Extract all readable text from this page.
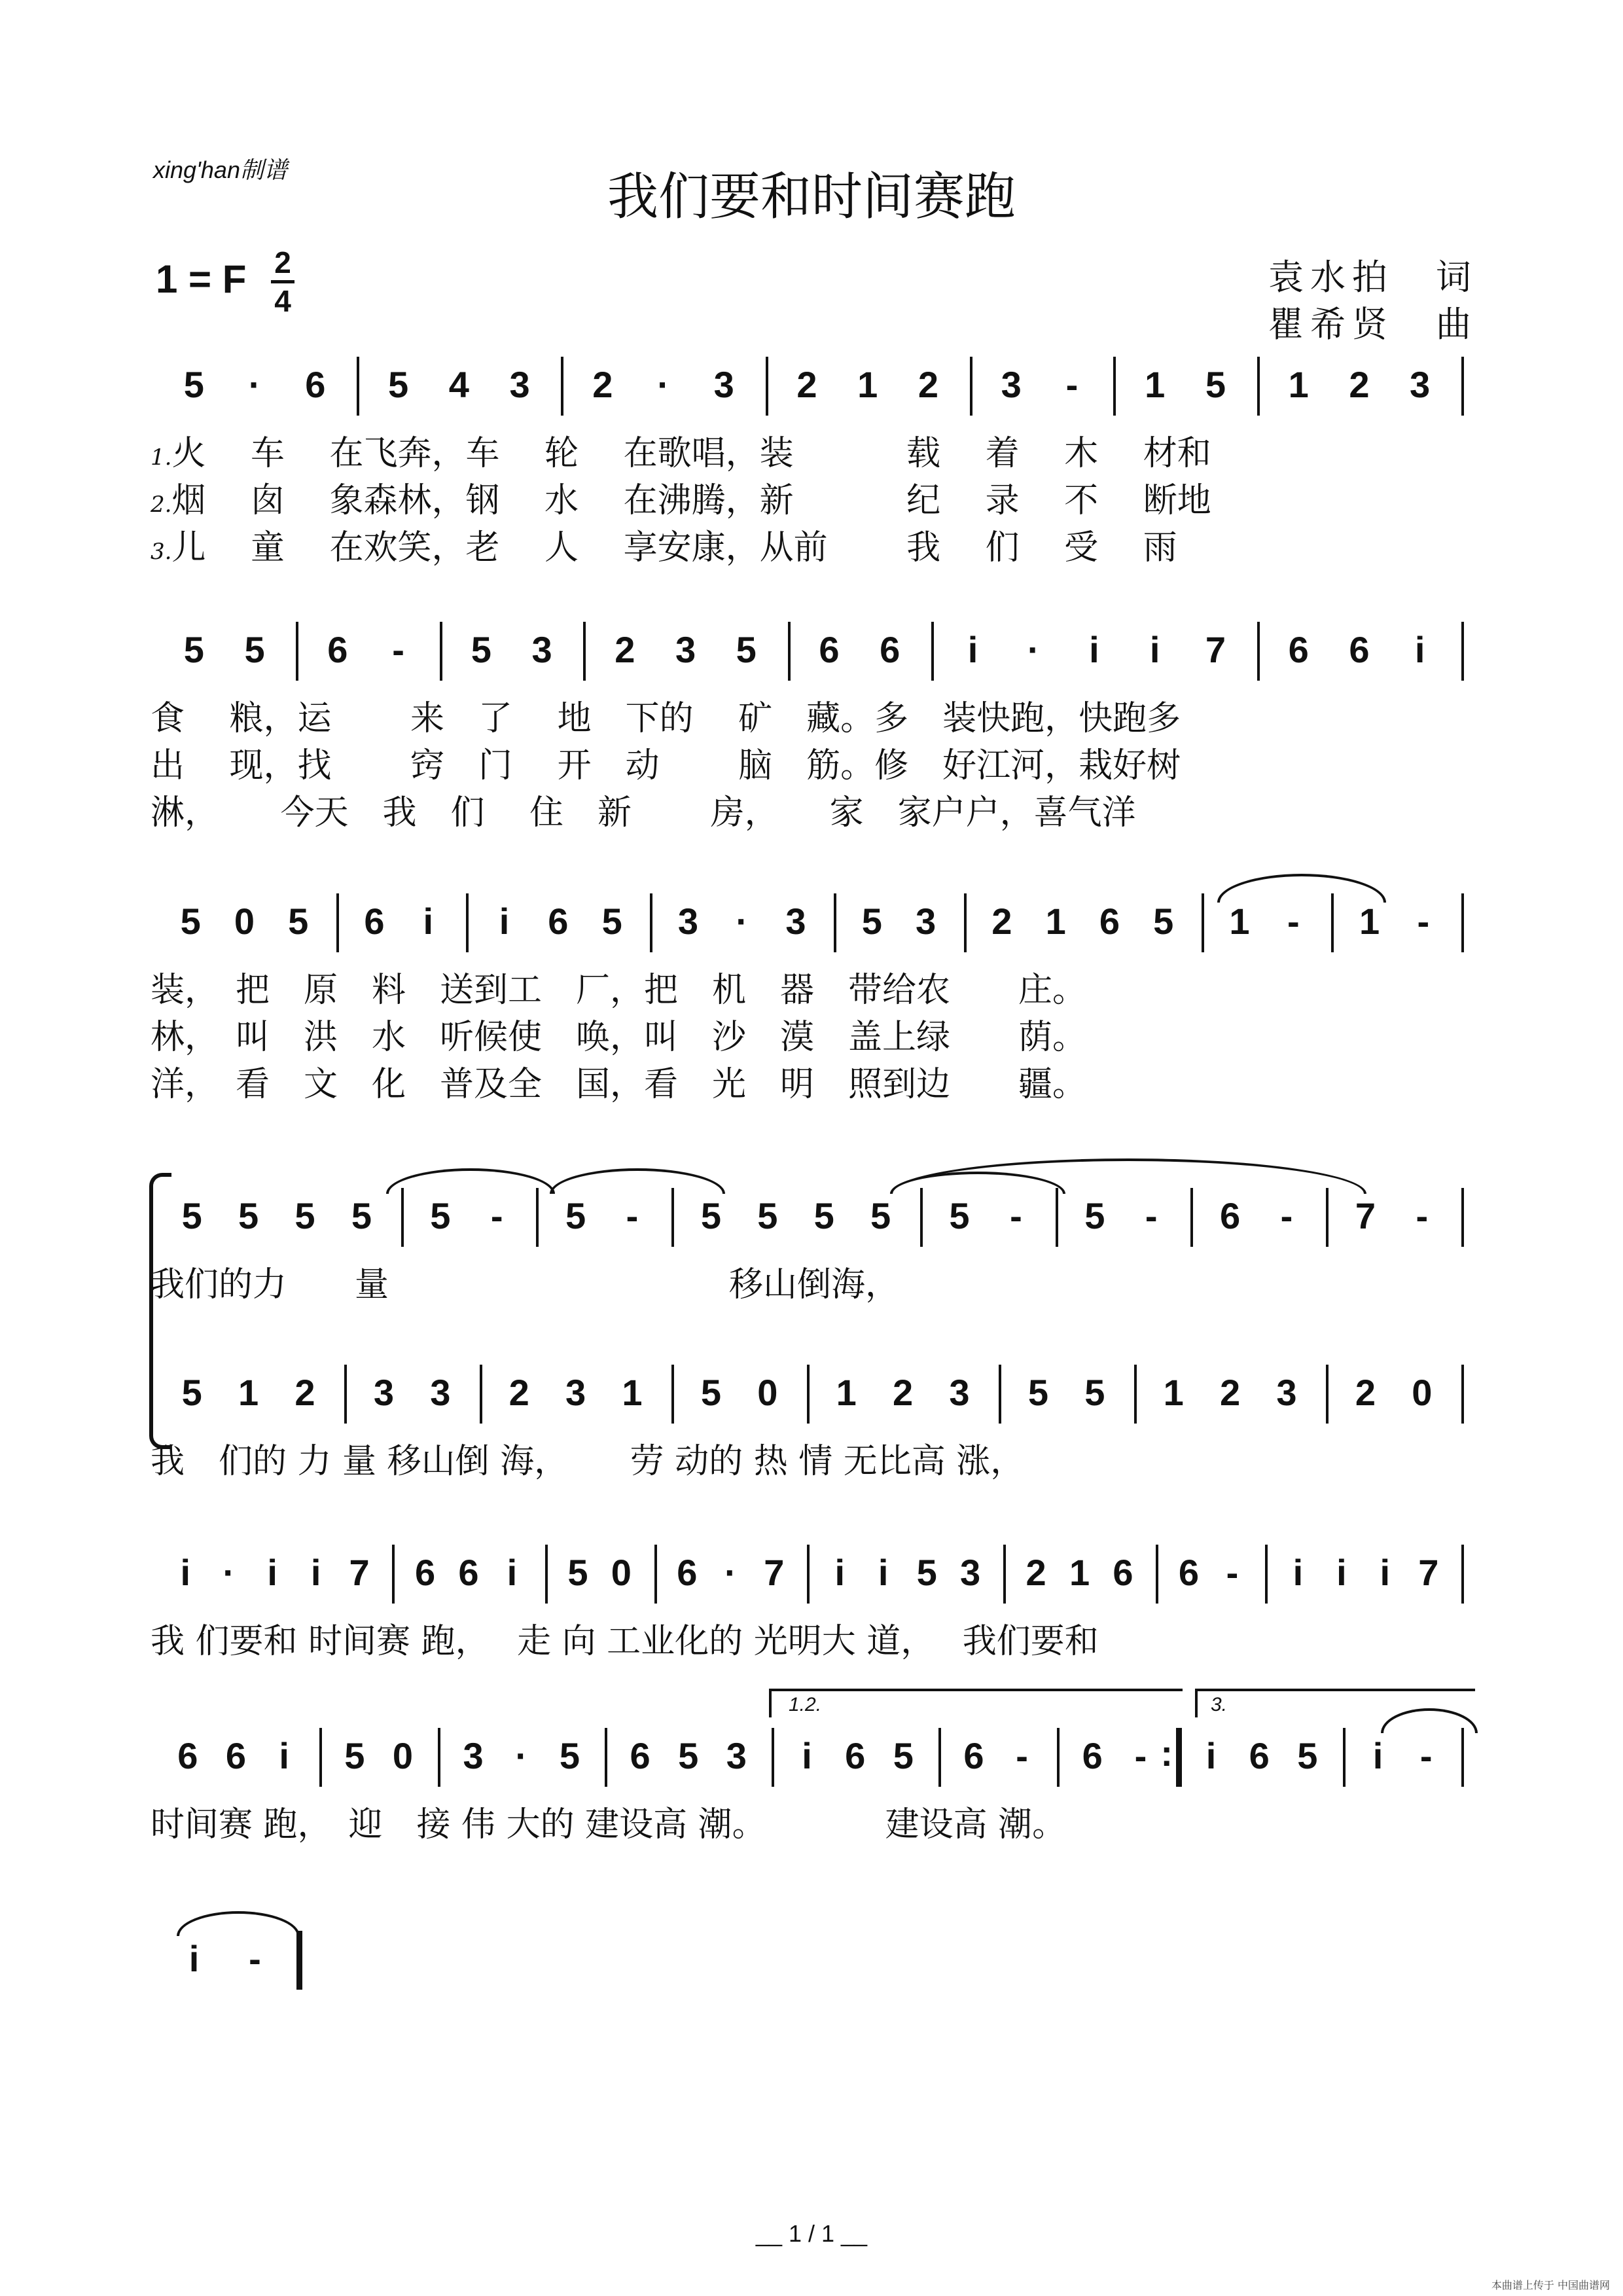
xing'han制谱	我们要和时间赛跑
1 = F 2
4
袁水拍　词
瞿希贤　曲
5 · 6 5 4 3 2 · 3 2 1 2 3 - 1 5 1 2 3
1.火　 车　 在飞奔，车　 轮　 在歌唱，装　　　 载 　着 　木 　材和
2.烟　 囱　 象森林，钢　 水　 在沸腾，新　　　 纪 　录 　不 　断地
3.儿　 童　 在欢笑，老　 人　 享安康，从前　　 我 　们 　受 　雨
5 5 6 - 5 3 2 3 5 6 6 i · i i 7 6 6 i
食　 粮，运　　 来　了 　地　下的 　矿　藏。多　装快跑，快跑多
出　 现，找　　 窍　门 　开　动　 　脑　筋。修　好江河，栽好树
淋，　　 今天　我　们 　住　新　 　房，　　家　家户户，喜气洋
5 0 5 6 i i 6 5 3 · 3 5 3 2 1 6 5 1 - 1 -
装，　把　原　料　送到工　厂，把　机　器　带给农　　庄。
林，　叫　洪　水　听候使　唤，叫　沙　漠　盖上绿　　荫。
洋，　看　文　化　普及全　国，看　光　明　照到边　　疆。
5 5 5 5 5 - 5 - 5 5 5 5 5 - 5 - 6 - 7 -
我们的力　　量　　　　　　　　　　移山倒海，
5 1 2 3 3 2 3 1 5 0 1 2 3 5 5 1 2 3 2 0
我　们的 力 量 移山倒 海，　　 劳 动的 热 情 无比高 涨，
i · i i 7 6 6 i 5 0 6 · 7 i i 5 3 2 1 6 6 - i i i 7
我 们要和 时间赛 跑，　 走 向 工业化的 光明大 道，　 我们要和
6 6 i 5 0 3 · 5 6 5 3 i 6 5 6 - 6 - : i 6 5 i -
1.2.	3.
时间赛 跑，　迎　接 伟 大的 建设高 潮。　　　　建设高 潮。
i -
__ 1 / 1 __
本曲谱上传于 中国曲谱网
